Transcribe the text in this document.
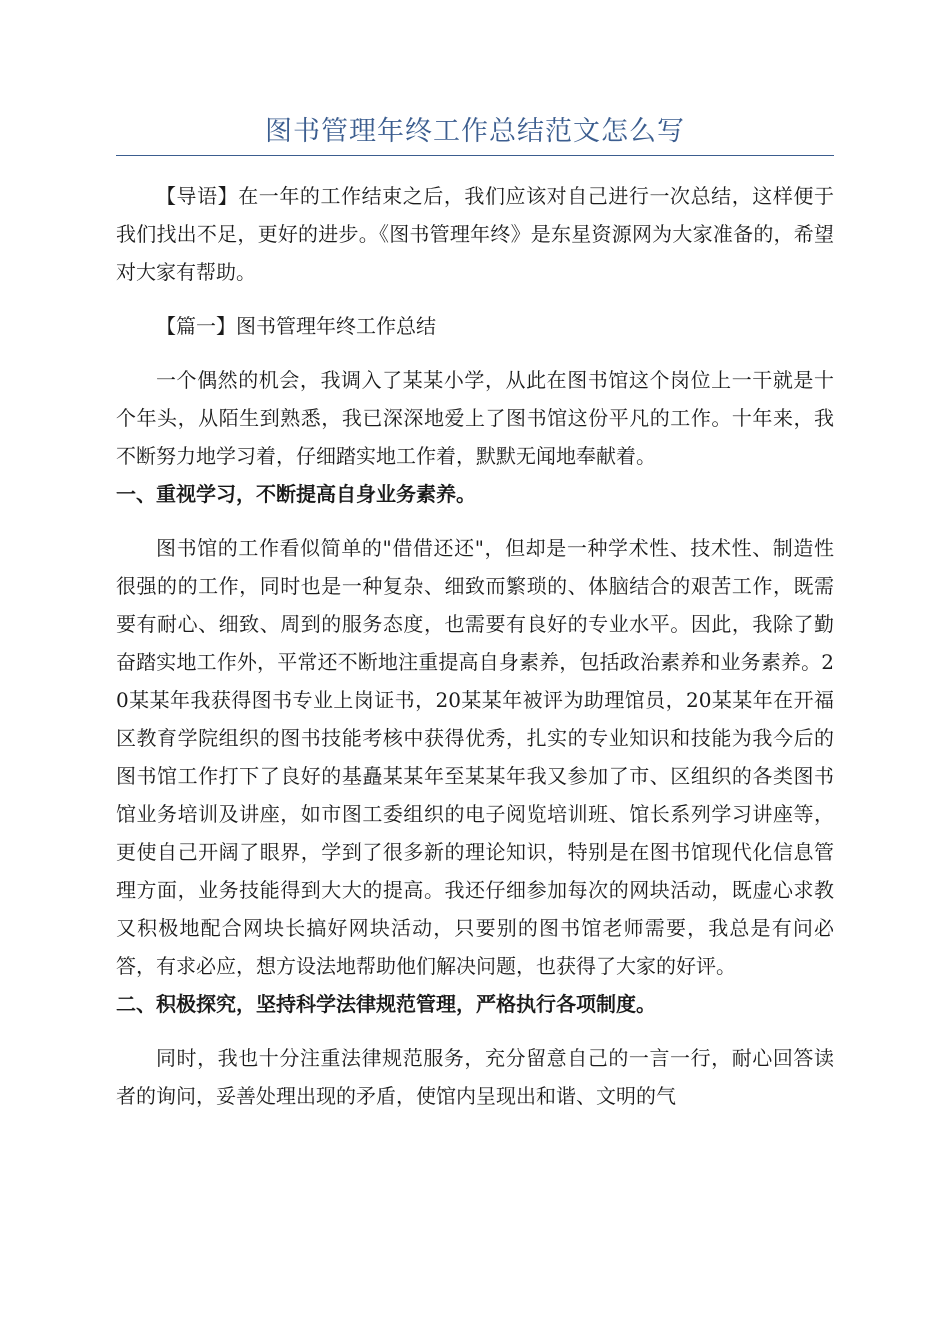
图书管理年终工作总结范文怎么写

【导语】在一年的工作结束之后，我们应该对自己进行一次总结，这样便于我们找出不足，更好的进步。《图书管理年终》是东星资源网为大家准备的，希望对大家有帮助。

【篇一】图书管理年终工作总结

一个偶然的机会，我调入了某某小学，从此在图书馆这个岗位上一干就是十个年头，从陌生到熟悉，我已深深地爱上了图书馆这份平凡的工作。十年来，我不断努力地学习着，仔细踏实地工作着，默默无闻地奉献着。

一、重视学习，不断提高自身业务素养。

图书馆的工作看似简单的"借借还还"，但却是一种学术性、技术性、制造性很强的的工作，同时也是一种复杂、细致而繁琐的、体脑结合的艰苦工作，既需要有耐心、细致、周到的服务态度，也需要有良好的专业水平。因此，我除了勤奋踏实地工作外，平常还不断地注重提高自身素养，包括政治素养和业务素养。20某某年我获得图书专业上岗证书，20某某年被评为助理馆员，20某某年在开福区教育学院组织的图书技能考核中获得优秀，扎实的专业知识和技能为我今后的图书馆工作打下了良好的基矗某某年至某某年我又参加了市、区组织的各类图书馆业务培训及讲座，如市图工委组织的电子阅览培训班、馆长系列学习讲座等，更使自己开阔了眼界，学到了很多新的理论知识，特别是在图书馆现代化信息管理方面，业务技能得到大大的提高。我还仔细参加每次的网块活动，既虚心求教又积极地配合网块长搞好网块活动，只要别的图书馆老师需要，我总是有问必答，有求必应，想方设法地帮助他们解决问题，也获得了大家的好评。

二、积极探究，坚持科学法律规范管理，严格执行各项制度。

同时，我也十分注重法律规范服务，充分留意自己的一言一行，耐心回答读者的询问，妥善处理出现的矛盾，使馆内呈现出和谐、文明的气
